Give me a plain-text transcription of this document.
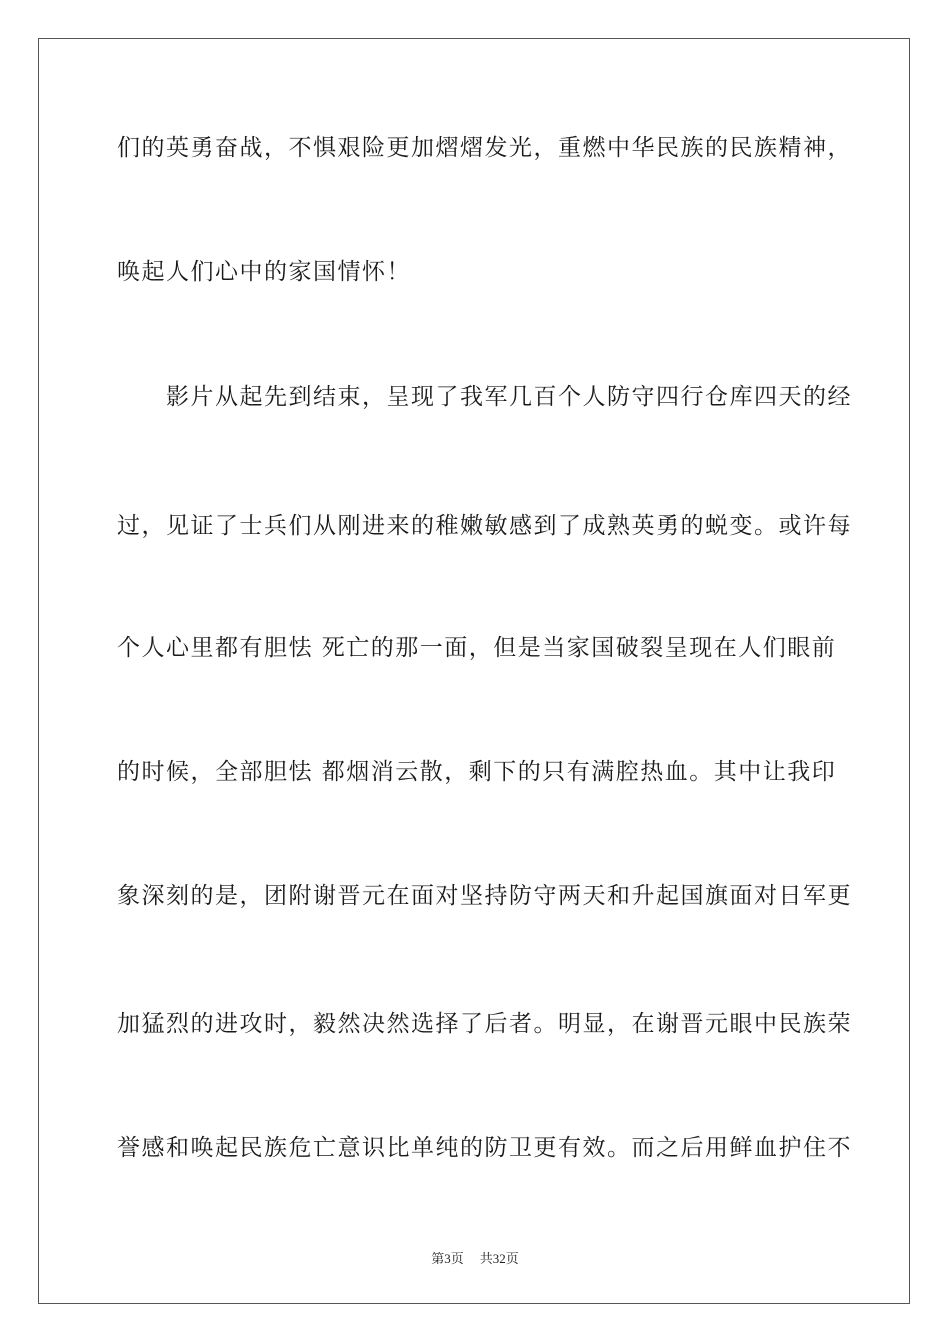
们的英勇奋战，不惧艰险更加熠熠发光，重燃中华民族的民族精神，
唤起人们心中的家国情怀！
　　影片从起先到结束，呈现了我军几百个人防守四行仓库四天的经
过，见证了士兵们从刚进来的稚嫩敏感到了成熟英勇的蜕变。或许每
个人心里都有胆怯 死亡的那一面，但是当家国破裂呈现在人们眼前
的时候，全部胆怯 都烟消云散，剩下的只有满腔热血。其中让我印
象深刻的是，团附谢晋元在面对坚持防守两天和升起国旗面对日军更
加猛烈的进攻时，毅然决然选择了后者。明显，在谢晋元眼中民族荣
誉感和唤起民族危亡意识比单纯的防卫更有效。而之后用鲜血护住不
第3页 共32页
